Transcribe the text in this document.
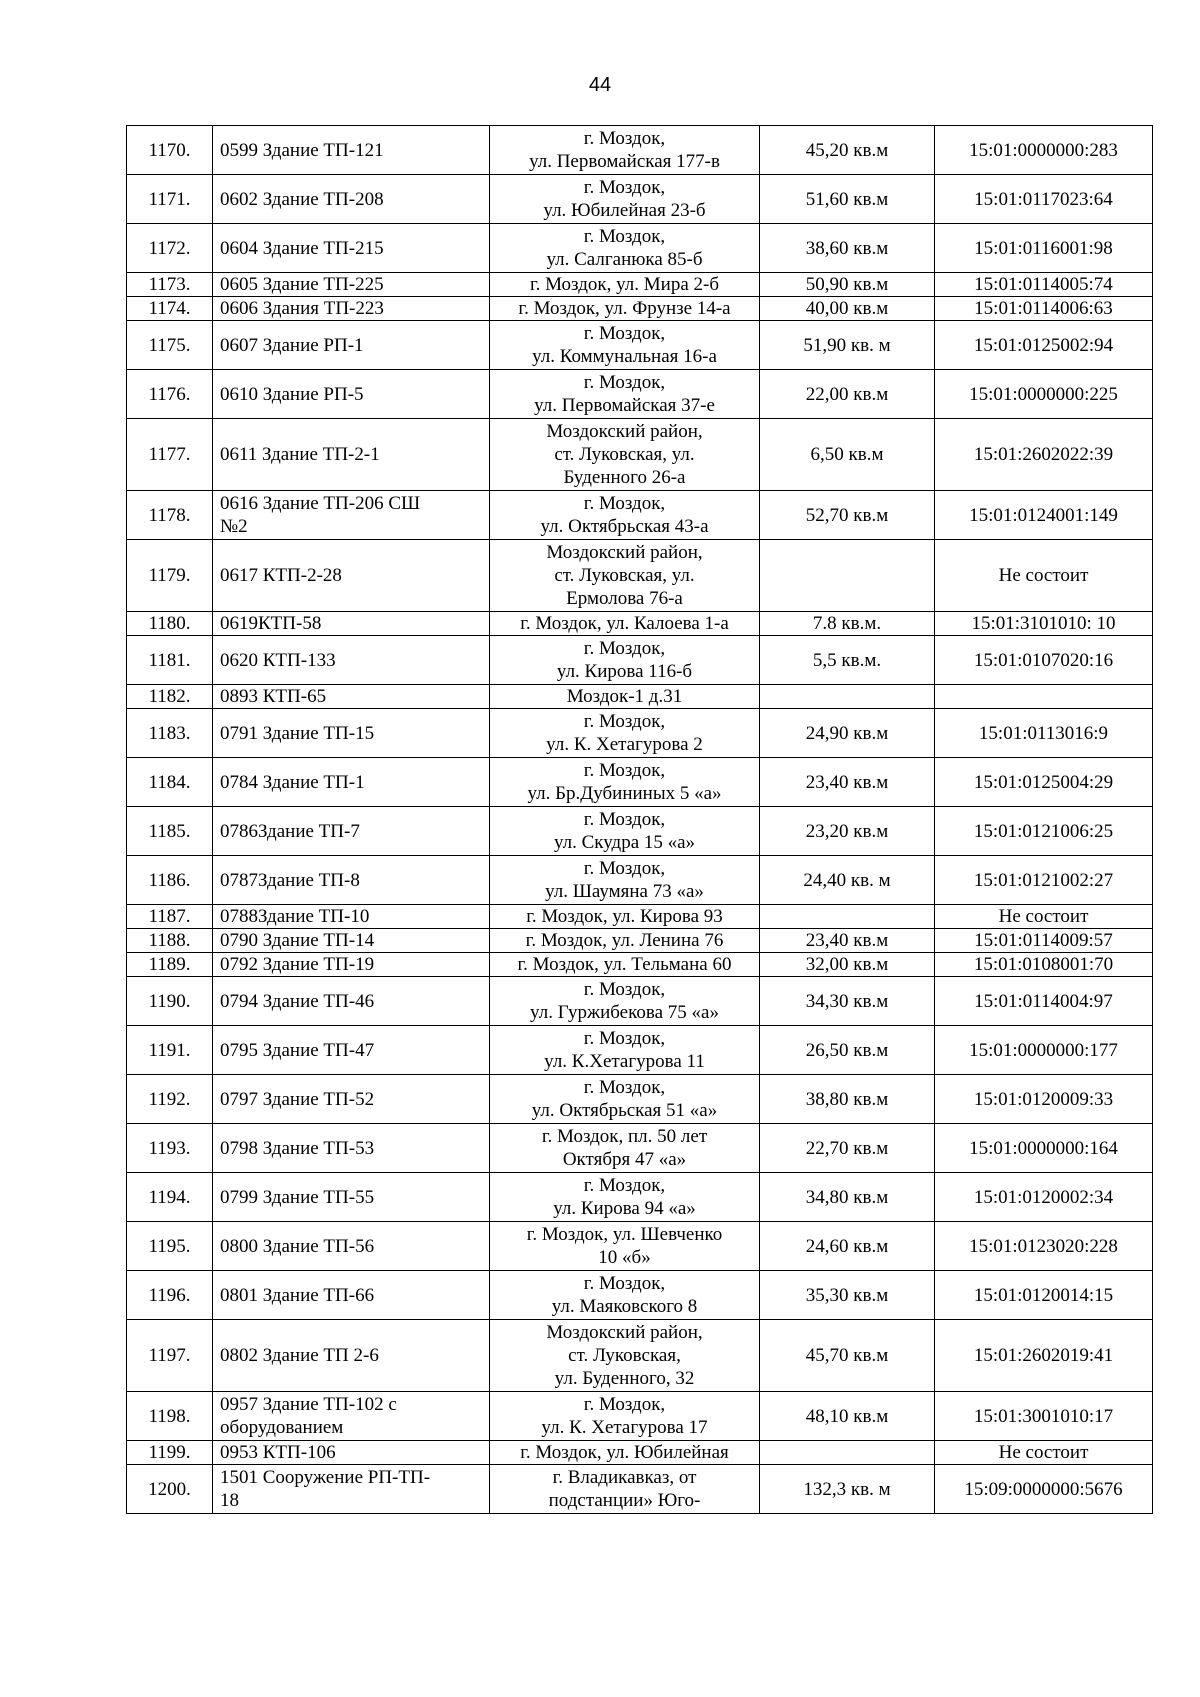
44
1170.	0599 Здание ТП-121	г. Моздок,
ул. Первомайская 177-в	45,20 кв.м	15:01:0000000:283
1171.	0602 Здание ТП-208	г. Моздок,
ул. Юбилейная 23-б	51,60 кв.м	15:01:0117023:64
1172.	0604 Здание ТП-215	г. Моздок,
ул. Салганюка 85-б	38,60 кв.м	15:01:0116001:98
1173.	0605 Здание ТП-225	г. Моздок, ул. Мира 2-б	50,90 кв.м	15:01:0114005:74
1174.	0606 Здания ТП-223	г. Моздок, ул. Фрунзе 14-а	40,00 кв.м	15:01:0114006:63
1175.	0607 Здание РП-1	г. Моздок,
ул. Коммунальная 16-а	51,90 кв. м	15:01:0125002:94
1176.	0610 Здание РП-5	г. Моздок,
ул. Первомайская 37-е	22,00 кв.м	15:01:0000000:225
1177.	0611 Здание ТП-2-1	Моздокский район,
ст. Луковская, ул.
Буденного 26-а	6,50 кв.м	15:01:2602022:39
1178.	0616 Здание ТП-206 СШ
№2	г. Моздок,
ул. Октябрьская 43-а	52,70 кв.м	15:01:0124001:149
1179.	0617 КТП-2-28	Моздокский район,
ст. Луковская, ул.
Ермолова 76-а		Не состоит
1180.	0619КТП-58	г. Моздок, ул. Калоева 1-а	7.8 кв.м.	15:01:3101010: 10
1181.	0620 КТП-133	г. Моздок,
ул. Кирова 116-б	5,5 кв.м.	15:01:0107020:16
1182.	0893 КТП-65	Моздок-1 д.31		
1183.	0791 Здание ТП-15	г. Моздок,
ул. К. Хетагурова 2	24,90 кв.м	15:01:0113016:9
1184.	0784 Здание ТП-1	г. Моздок,
ул. Бр.Дубининых 5 «а»	23,40 кв.м	15:01:0125004:29
1185.	0786Здание ТП-7	г. Моздок,
ул. Скудра 15 «а»	23,20 кв.м	15:01:0121006:25
1186.	0787Здание ТП-8	г. Моздок,
ул. Шаумяна 73 «а»	24,40 кв. м	15:01:0121002:27
1187.	0788Здание ТП-10	г. Моздок, ул. Кирова 93		Не состоит
1188.	0790 Здание ТП-14	г. Моздок, ул. Ленина 76	23,40 кв.м	15:01:0114009:57
1189.	0792 Здание ТП-19	г. Моздок, ул. Тельмана 60	32,00 кв.м	15:01:0108001:70
1190.	0794 Здание ТП-46	г. Моздок,
ул. Гуржибекова 75 «а»	34,30 кв.м	15:01:0114004:97
1191.	0795 Здание ТП-47	г. Моздок,
ул. К.Хетагурова 11	26,50 кв.м	15:01:0000000:177
1192.	0797 Здание ТП-52	г. Моздок,
ул. Октябрьская 51 «а»	38,80 кв.м	15:01:0120009:33
1193.	0798 Здание ТП-53	г. Моздок, пл. 50 лет
Октября 47 «а»	22,70 кв.м	15:01:0000000:164
1194.	0799 Здание ТП-55	г. Моздок,
ул. Кирова 94 «а»	34,80 кв.м	15:01:0120002:34
1195.	0800 Здание ТП-56	г. Моздок, ул. Шевченко
10 «б»	24,60 кв.м	15:01:0123020:228
1196.	0801 Здание ТП-66	г. Моздок,
ул. Маяковского 8	35,30 кв.м	15:01:0120014:15
1197.	0802 Здание ТП 2-6	Моздокский район,
ст. Луковская,
ул. Буденного, 32	45,70 кв.м	15:01:2602019:41
1198.	0957 Здание ТП-102 с
оборудованием	г. Моздок,
ул. К. Хетагурова 17	48,10 кв.м	15:01:3001010:17
1199.	0953 КТП-106	г. Моздок, ул. Юбилейная		Не состоит
1200.	1501 Сооружение РП-ТП-
18	г. Владикавказ, от
подстанции» Юго-	132,3 кв. м	15:09:0000000:5676
